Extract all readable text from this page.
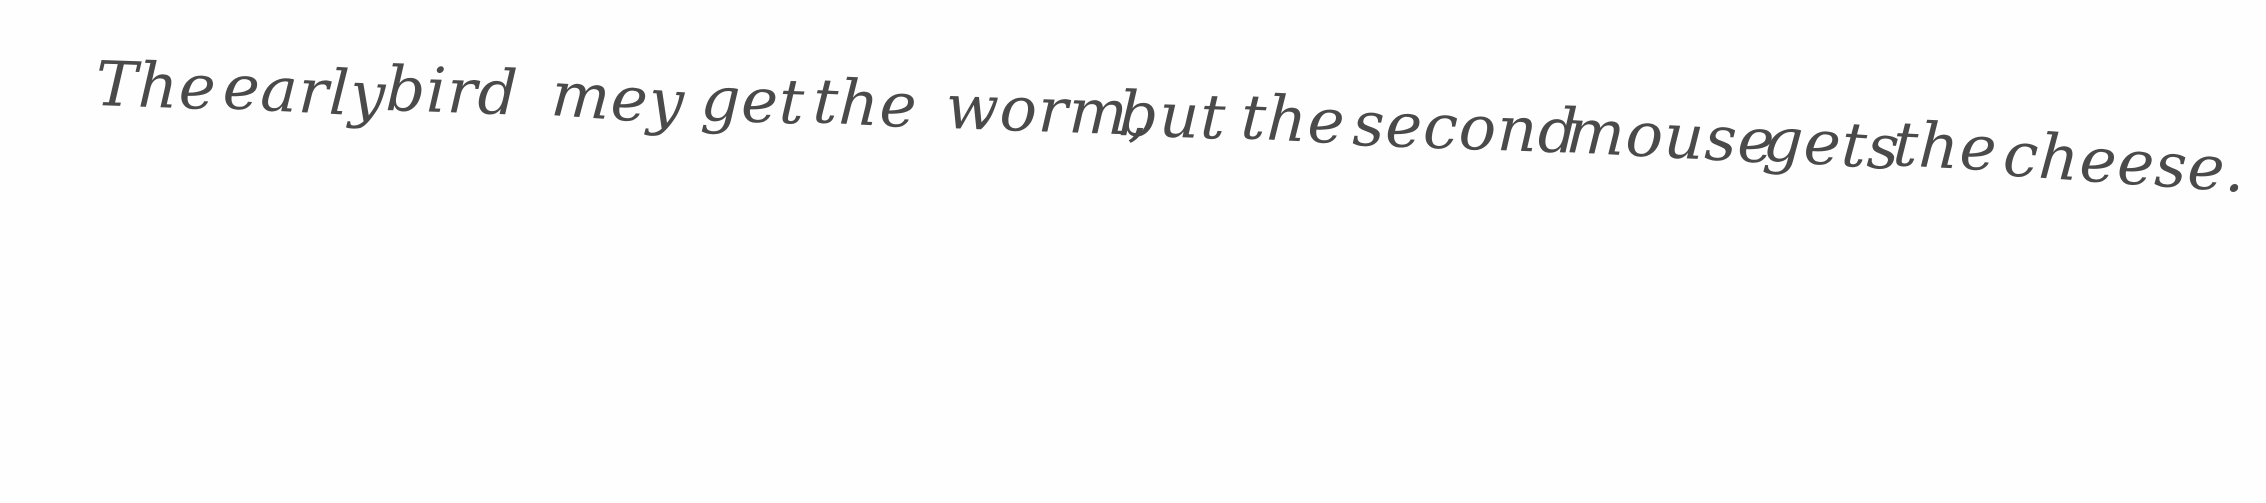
The early
bird mey get the worm,
but the second
mouse
gets
the cheese.
